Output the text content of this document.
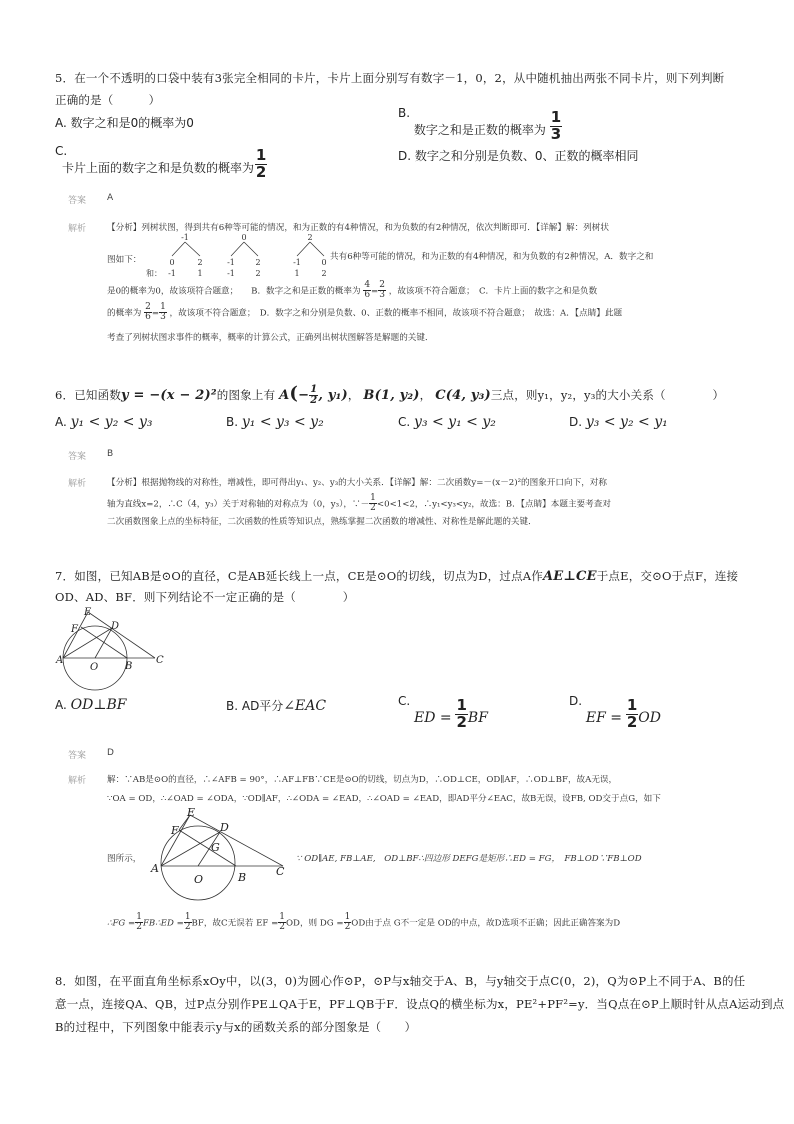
5．在一个不透明的口袋中装有3张完全相同的卡片，卡片上面分别写有数字－1，0，2，从中随机抽出两张不同卡片，则下列判断
正确的是（　　　）
A. 数字之和是0的概率为0
B. 数字之和是正数的概率为 $\frac{1}{3}$
C.
卡片上面的数字之和是负数的概率为 $\frac{1}{2}$	D. 数字之和分别是负数、0、正数的概率相同
答案 A
解析 【分析】列树状图，得到共有6种等可能的情况，和为正数的有4种情况，和为负数的有2种情况，依次判断即可．【详解】解：列树状
图如下：
-1	0	2
0	2	-1	2	-1	0
和： -1	1	-1	2	1	2
共有6种等可能的情况，和为正数的有4种情况，和为负数的有2种情况，A．数字之和
是0的概率为0，故该项符合题意；　　B．数字之和是正数的概率为 $\frac{4}{6} = \frac{2}{3}$ ，故该项不符合题意；　C．卡片上面的数字之和是负数
的概率为 $\frac{2}{6} = \frac{1}{3}$ ，故该项不符合题意；　D．数字之和分别是负数、0、正数的概率不相同，故该项不符合题意；　故选：A．【点睛】此题
考查了列树状图求事件的概率，概率的计算公式，正确列出树状图解答是解题的关键．
6．已知函数y = −(x − 2)²的图象上有 $A(- \frac{1}{2}$ , y₁)， B(1, y₂)， C(4, y₃)三点，则y₁，y₂，y₃的大小关系（　　　　）
A. y₁ < y₂ < y₃	B. y₁ < y₃ < y₂	C. y₃ < y₁ < y₂	D. y₃ < y₂ < y₁
答案 B
解析 【分析】根据抛物线的对称性，增减性，即可得出y₁、y₂、y₃的大小关系．【详解】解：二次函数y=－(x－2)²的图象开口向下，对称
轴为直线x=2，∴C（4，y₃）关于对称轴的对称点为（0，y₃），∵－ $\frac{1}{2} <0<1<2$，∴y₁<y₃<y₂，故选：B．【点睛】本题主要考查对
二次函数图象上点的坐标特征，二次函数的性质等知识点，熟练掌握二次函数的增减性、对称性是解此题的关键．
7．如图，已知AB是⊙O的直径，C是AB延长线上一点，CE是⊙O的切线，切点为D，过点A作AE⊥CE于点E，交⊙O于点F，连接
OD、AD、BF．则下列结论不一定正确的是（　　　　）
E
F	D
A
O	B
C
A. OD⊥BF	B. AD平分∠EAC	C. ED = $\frac{1}{2}$ BF
D. EF = $\frac{1}{2}$ OD
答案 D
解析 解：∵AB是⊙O的直径，∴∠AFB = 90°，∴AF⊥FB∵CE是⊙O的切线，切点为D，∴OD⊥CE，OD∥AF，∴OD⊥BF，故A无误，
∵OA = OD，∴∠OAD = ∠ODA，∵OD∥AF，∴∠ODA = ∠EAD，∴∠OAD = ∠EAD，即AD平分∠EAC，故B无误，设FB, OD交于点G，如下
E
F	D
G
A
O	B	C
图所示，	∵ OD∥AE, FB⊥AE,　OD⊥BF∴四边形 DEFG是矩形∴ED = FG，　FB⊥OD∵FB⊥OD
∴FG = $\frac{1}{2}$ FB∴ED = $\frac{1}{2}$ BF，故C无误若 EF = $\frac{1}{2}$ OD，则 DG = $\frac{1}{2}$ OD由于点 G不一定是 OD的中点，故D选项不正确；因此正确答案为D
8．如图，在平面直角坐标系xOy中，以(3，0)为圆心作⊙P，⊙P与x轴交于A、B，与y轴交于点C(0，2)，Q为⊙P上不同于A、B的任
意一点，连接QA、QB，过P点分别作PE⊥QA于E，PF⊥QB于F．设点Q的横坐标为x，PE²+PF²=y．当Q点在⊙P上顺时针从点A运动到点
B的过程中，下列图象中能表示y与x的函数关系的部分图象是（　　）
